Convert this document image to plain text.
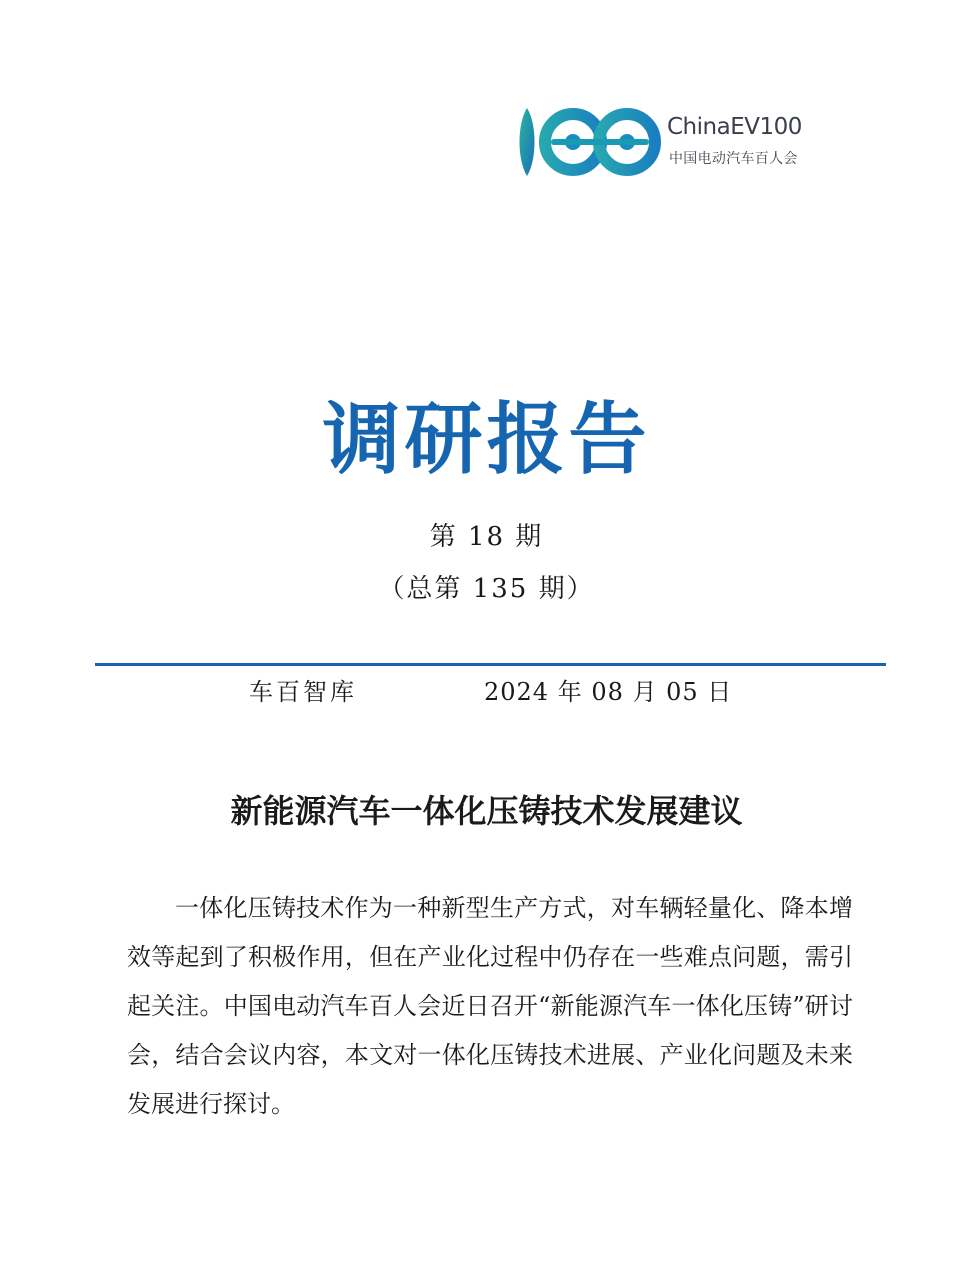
ChinaEV100
中国电动汽车百人会
调研报告
第 18 期
（总第 135 期）
车百智库	2024 年 08 月 05 日
新能源汽车一体化压铸技术发展建议

一体化压铸技术作为一种新型生产方式，对车辆轻量化、降本增效等起到了积极作用，但在产业化过程中仍存在一些难点问题，需引起关注。中国电动汽车百人会近日召开“新能源汽车一体化压铸”研讨会，结合会议内容，本文对一体化压铸技术进展、产业化问题及未来发展进行探讨。
